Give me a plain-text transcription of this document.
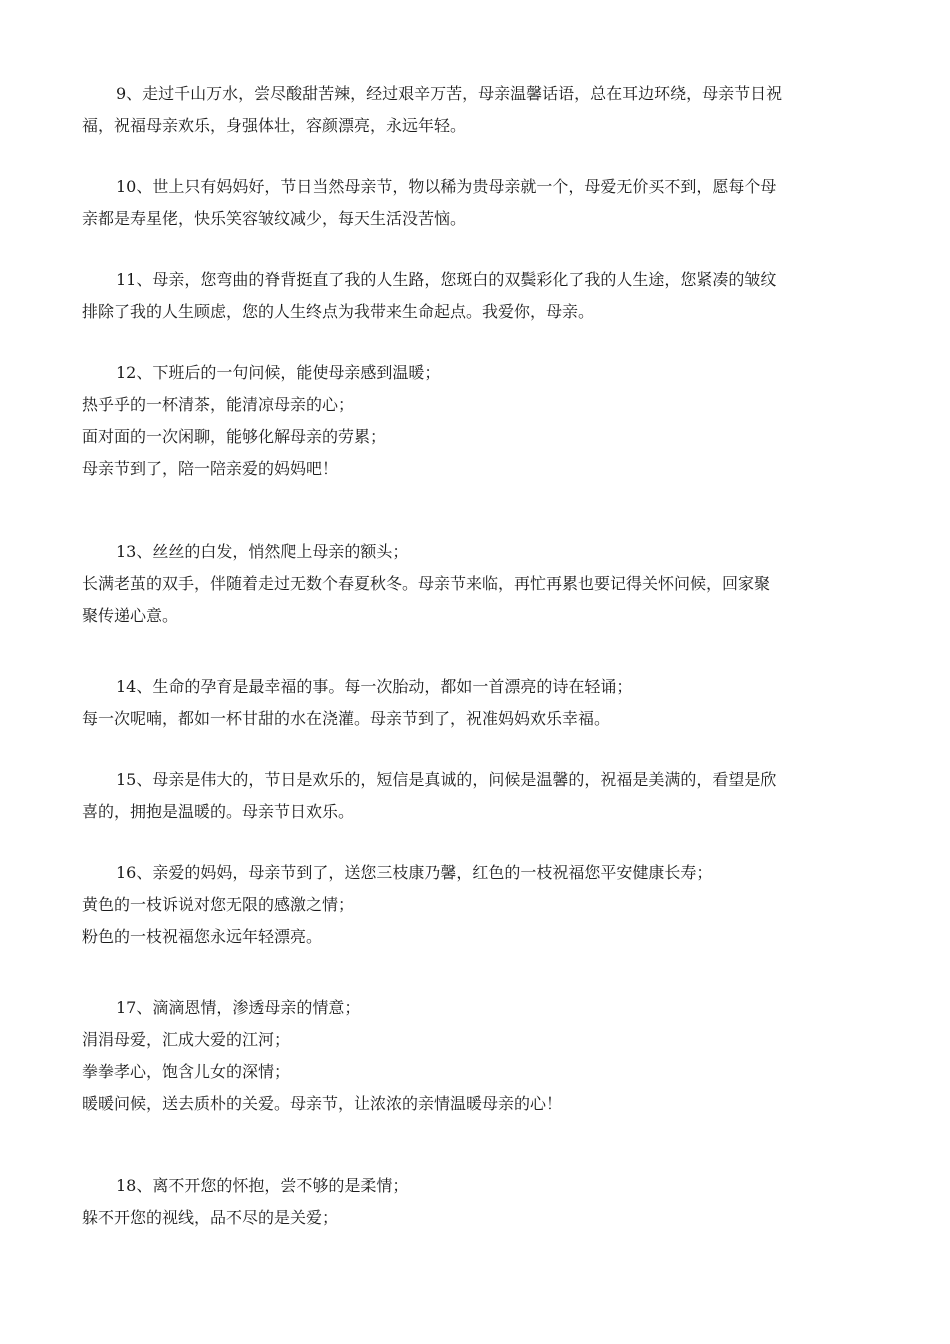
9、走过千山万水，尝尽酸甜苦辣，经过艰辛万苦，母亲温馨话语，总在耳边环绕，母亲节日祝
福，祝福母亲欢乐，身强体壮，容颜漂亮，永远年轻。
10、世上只有妈妈好，节日当然母亲节，物以稀为贵母亲就一个，母爱无价买不到，愿每个母
亲都是寿星佬，快乐笑容皱纹减少，每天生活没苦恼。
11、母亲，您弯曲的脊背挺直了我的人生路，您斑白的双鬓彩化了我的人生途，您紧凑的皱纹
排除了我的人生顾虑，您的人生终点为我带来生命起点。我爱你，母亲。
12、下班后的一句问候，能使母亲感到温暖；
热乎乎的一杯清茶，能清凉母亲的心；
面对面的一次闲聊，能够化解母亲的劳累；
母亲节到了，陪一陪亲爱的妈妈吧！
13、丝丝的白发，悄然爬上母亲的额头；
长满老茧的双手，伴随着走过无数个春夏秋冬。母亲节来临，再忙再累也要记得关怀问候，回家聚
聚传递心意。
14、生命的孕育是最幸福的事。每一次胎动，都如一首漂亮的诗在轻诵；
每一次呢喃，都如一杯甘甜的水在浇灌。母亲节到了，祝准妈妈欢乐幸福。
15、母亲是伟大的，节日是欢乐的，短信是真诚的，问候是温馨的，祝福是美满的，看望是欣
喜的，拥抱是温暖的。母亲节日欢乐。
16、亲爱的妈妈，母亲节到了，送您三枝康乃馨，红色的一枝祝福您平安健康长寿；
黄色的一枝诉说对您无限的感激之情；
粉色的一枝祝福您永远年轻漂亮。
17、滴滴恩情，渗透母亲的情意；
涓涓母爱，汇成大爱的江河；
拳拳孝心，饱含儿女的深情；
暖暖问候，送去质朴的关爱。母亲节，让浓浓的亲情温暖母亲的心！
18、离不开您的怀抱，尝不够的是柔情；
躲不开您的视线，品不尽的是关爱；
